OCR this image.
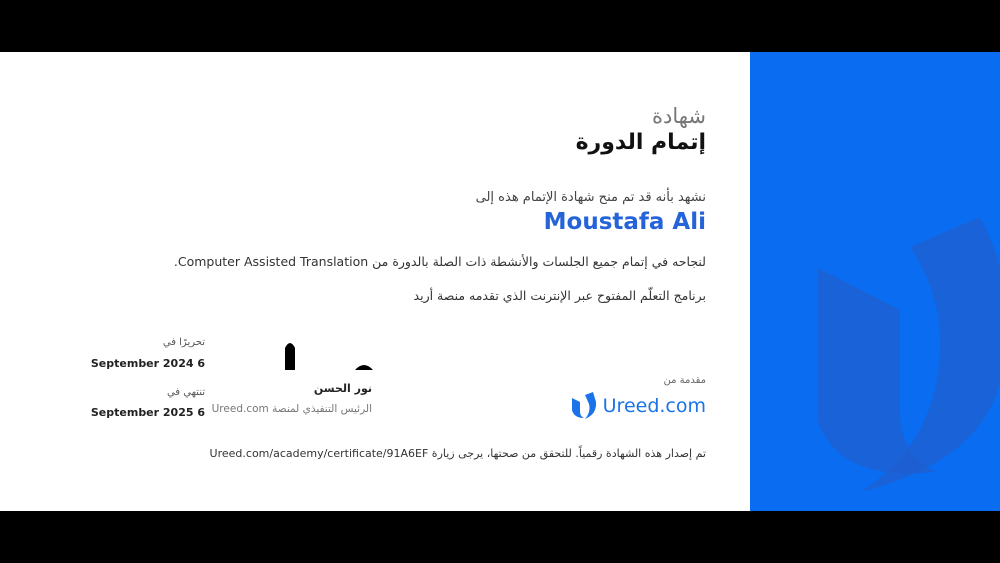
شهادة
إتمام الدورة
نشهد بأنه قد تم منح شهادة الإتمام هذه إلى
Moustafa Ali
لنجاحه في إتمام جميع الجلسات والأنشطة ذات الصلة بالدورة من Computer Assisted Translation.
برنامج التعلّم المفتوح عبر الإنترنت الذي تقدمه منصة أريد
تحريرًا في
September 2024 6
تنتهي في
September 2025 6
نور الحسن
الرئيس التنفيذي لمنصة Ureed.com
مقدمة من
Ureed.com
تم إصدار هذه الشهادة رقمياً. للتحقق من صحتها، يرجى زيارة Ureed.com/academy/certificate/91A6EF
